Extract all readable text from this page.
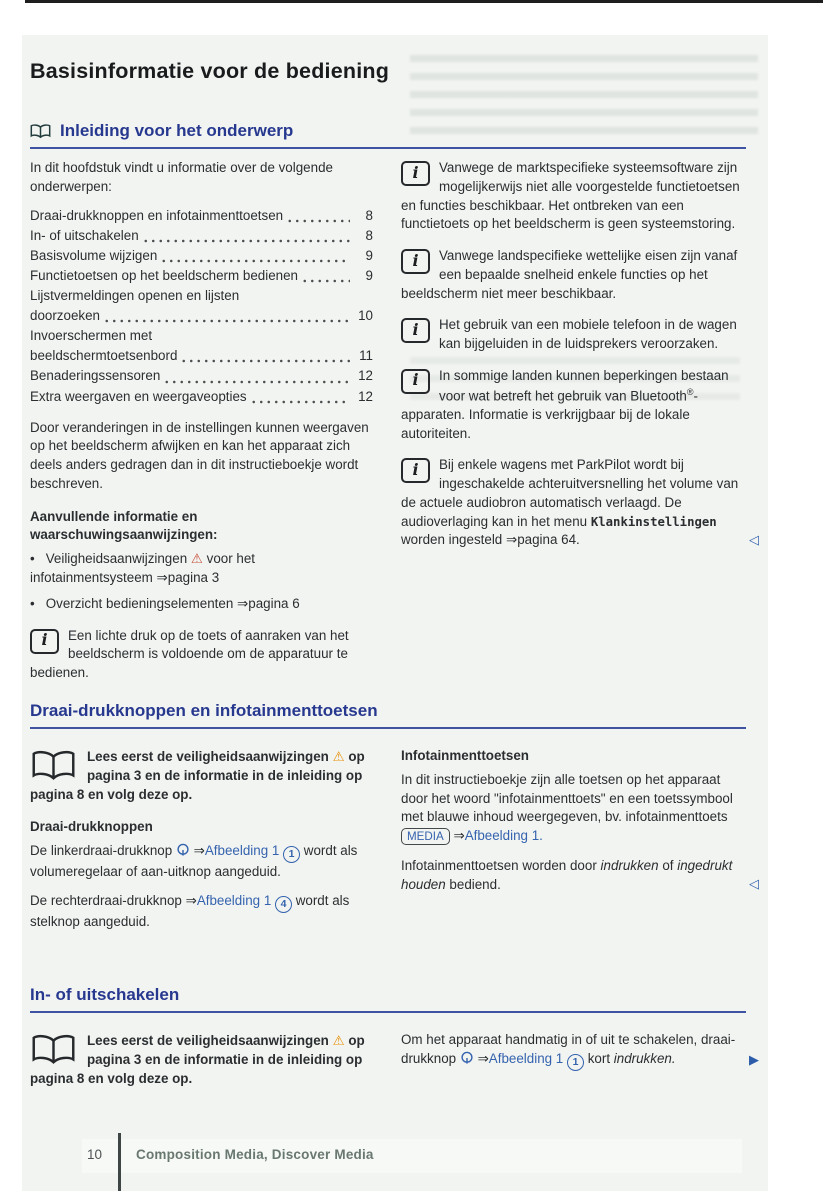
Basisinformatie voor de bediening
Inleiding voor het onderwerp

In dit hoofdstuk vindt u informatie over de volgende onderwerpen:

Draai-drukknoppen en infotainmenttoetsen	8
In- of uitschakelen	8
Basisvolume wijzigen	9
Functietoetsen op het beeldscherm bedienen	9
Lijstvermeldingen openen en lijsten
doorzoeken	10
Invoerschermen met
beeldschermtoetsenbord	11
Benaderingssensoren	12
Extra weergaven en weergaveopties	12

Door veranderingen in de instellingen kunnen weergaven op het beeldscherm afwijken en kan het apparaat zich deels anders gedragen dan in dit instructieboekje wordt beschreven.

Aanvullende informatie en waarschuwingsaanwijzingen:
• Veiligheidsaanwijzingen ⚠ voor het infotainmentsysteem ⇒pagina 3
• Overzicht bedieningselementen ⇒pagina 6
i Een lichte druk op de toets of aanraken van het beeldscherm is voldoende om de apparatuur te bedienen.
i Vanwege de marktspecifieke systeemsoftware zijn mogelijkerwijs niet alle voorgestelde functietoetsen en functies beschikbaar. Het ontbreken van een functietoets op het beeldscherm is geen systeemstoring.
i Vanwege landspecifieke wettelijke eisen zijn vanaf een bepaalde snelheid enkele functies op het beeldscherm niet meer beschikbaar.
i Het gebruik van een mobiele telefoon in de wagen kan bijgeluiden in de luidsprekers veroorzaken.
i In sommige landen kunnen beperkingen bestaan voor wat betreft het gebruik van Bluetooth®-apparaten. Informatie is verkrijgbaar bij de lokale autoriteiten.
i Bij enkele wagens met ParkPilot wordt bij ingeschakelde achteruitversnelling het volume van de actuele audiobron automatisch verlaagd. De audioverlaging kan in het menu Klankinstellingen worden ingesteld ⇒pagina 64.	◁
Draai-drukknoppen en infotainmenttoetsen
Lees eerst de veiligheidsaanwijzingen ⚠ op pagina 3 en de informatie in de inleiding op pagina 8 en volg deze op.
Draai-drukknoppen

De linkerdraai-drukknop ⇒Afbeelding 1 1 wordt als volumeregelaar of aan-uitknop aangeduid.

De rechterdraai-drukknop ⇒Afbeelding 1 4 wordt als stelknop aangeduid.

Infotainmenttoetsen

In dit instructieboekje zijn alle toetsen op het apparaat door het woord "infotainmenttoets" en een toetssymbool met blauwe inhoud weergegeven, bv. infotainmenttoets MEDIA ⇒Afbeelding 1.

Infotainmenttoetsen worden door indrukken of ingedrukt houden bediend.	◁

In- of uitschakelen
Lees eerst de veiligheidsaanwijzingen ⚠ op pagina 3 en de informatie in de inleiding op pagina 8 en volg deze op.

Om het apparaat handmatig in of uit te schakelen, draai-drukknop ⇒Afbeelding 1 1 kort indrukken.	▶

10	Composition Media, Discover Media
